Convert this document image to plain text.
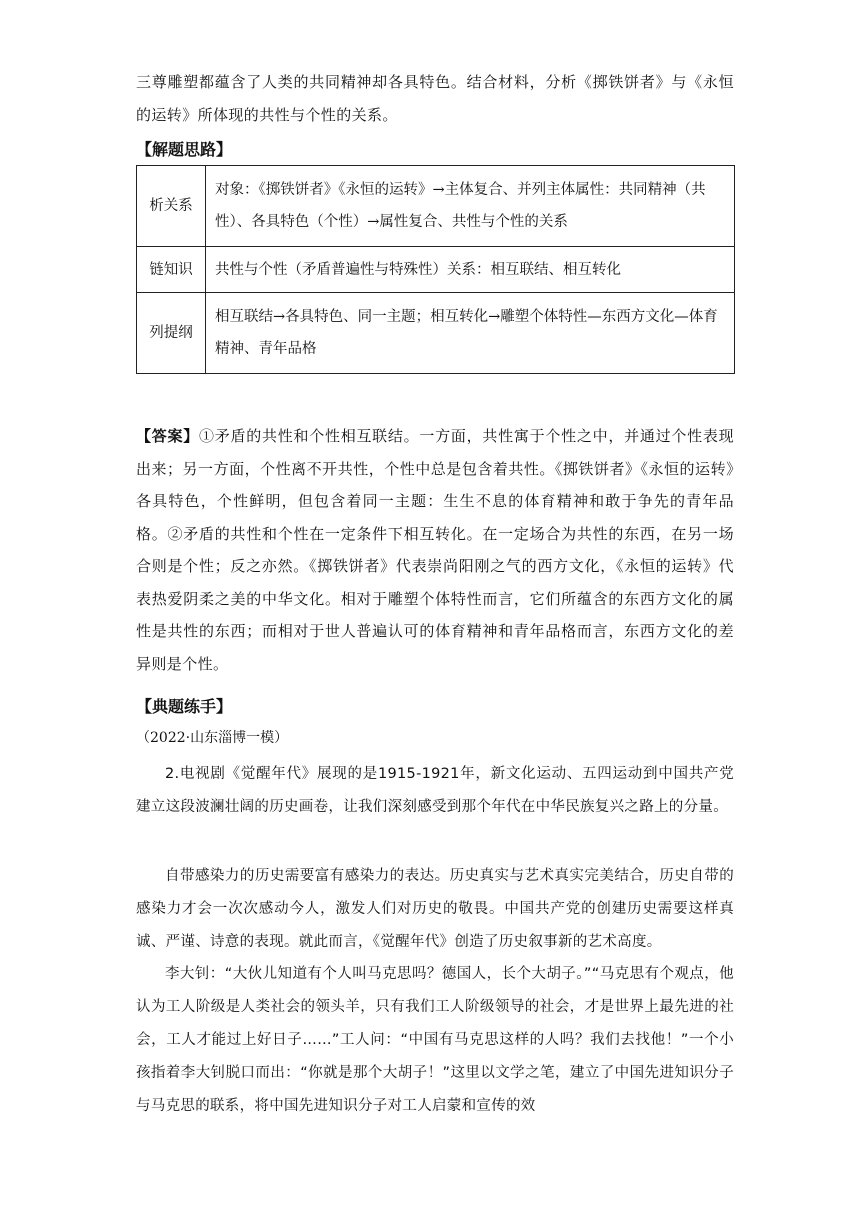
三尊雕塑都蕴含了人类的共同精神却各具特色。结合材料，分析《掷铁饼者》与《永恒的运转》所体现的共性与个性的关系。

【解题思路】
析关系	对象：《掷铁饼者》《永恒的运转》→主体复合、并列主体属性：共同精神（共性）、各具特色（个性）→属性复合、共性与个性的关系
链知识	共性与个性（矛盾普遍性与特殊性）关系：相互联结、相互转化
列提纲	相互联结→各具特色、同一主题；相互转化→雕塑个体特性—东西方文化—体育精神、青年品格

【答案】①矛盾的共性和个性相互联结。一方面，共性寓于个性之中，并通过个性表现出来；另一方面，个性离不开共性，个性中总是包含着共性。《掷铁饼者》《永恒的运转》各具特色，个性鲜明，但包含着同一主题：生生不息的体育精神和敢于争先的青年品格。②矛盾的共性和个性在一定条件下相互转化。在一定场合为共性的东西，在另一场合则是个性；反之亦然。《掷铁饼者》代表崇尚阳刚之气的西方文化，《永恒的运转》代表热爱阴柔之美的中华文化。相对于雕塑个体特性而言，它们所蕴含的东西方文化的属性是共性的东西；而相对于世人普遍认可的体育精神和青年品格而言，东西方文化的差异则是个性。

【典题练手】

（2022·山东淄博一模）

2.电视剧《觉醒年代》展现的是1915-1921年，新文化运动、五四运动到中国共产党建立这段波澜壮阔的历史画卷，让我们深刻感受到那个年代在中华民族复兴之路上的分量。

自带感染力的历史需要富有感染力的表达。历史真实与艺术真实完美结合，历史自带的感染力才会一次次感动今人，激发人们对历史的敬畏。中国共产党的创建历史需要这样真诚、严谨、诗意的表现。就此而言，《觉醒年代》创造了历史叙事新的艺术高度。

李大钊：“大伙儿知道有个人叫马克思吗？德国人，长个大胡子。”“马克思有个观点，他认为工人阶级是人类社会的领头羊，只有我们工人阶级领导的社会，才是世界上最先进的社会，工人才能过上好日子……”工人问：“中国有马克思这样的人吗？我们去找他！”一个小孩指着李大钊脱口而出：“你就是那个大胡子！”这里以文学之笔，建立了中国先进知识分子与马克思的联系，将中国先进知识分子对工人启蒙和宣传的效
